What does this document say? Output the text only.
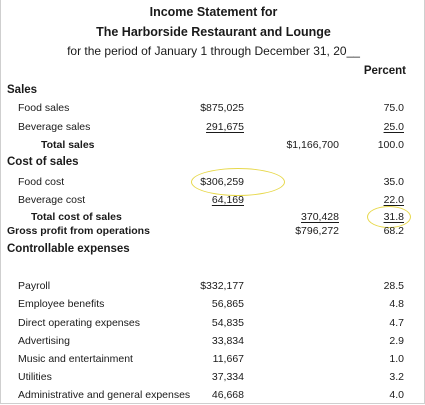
Income Statement for
The Harborside Restaurant and Lounge
for the period of January 1 through December 31, 20__
Percent
Sales
Food sales	$875,025	75.0
Beverage sales	291,675	25.0
Total sales	$1,166,700	100.0
Cost of sales
Food cost	$306,259	35.0
Beverage cost	64,169	22.0
Total cost of sales	370,428	31.8
Gross profit from operations	$796,272	68.2
Controllable expenses
Payroll	$332,177	28.5
Employee benefits	56,865	4.8
Direct operating expenses	54,835	4.7
Advertising	33,834	2.9
Music and entertainment	11,667	1.0
Utilities	37,334	3.2
Administrative and general expenses 46,668	4.0
